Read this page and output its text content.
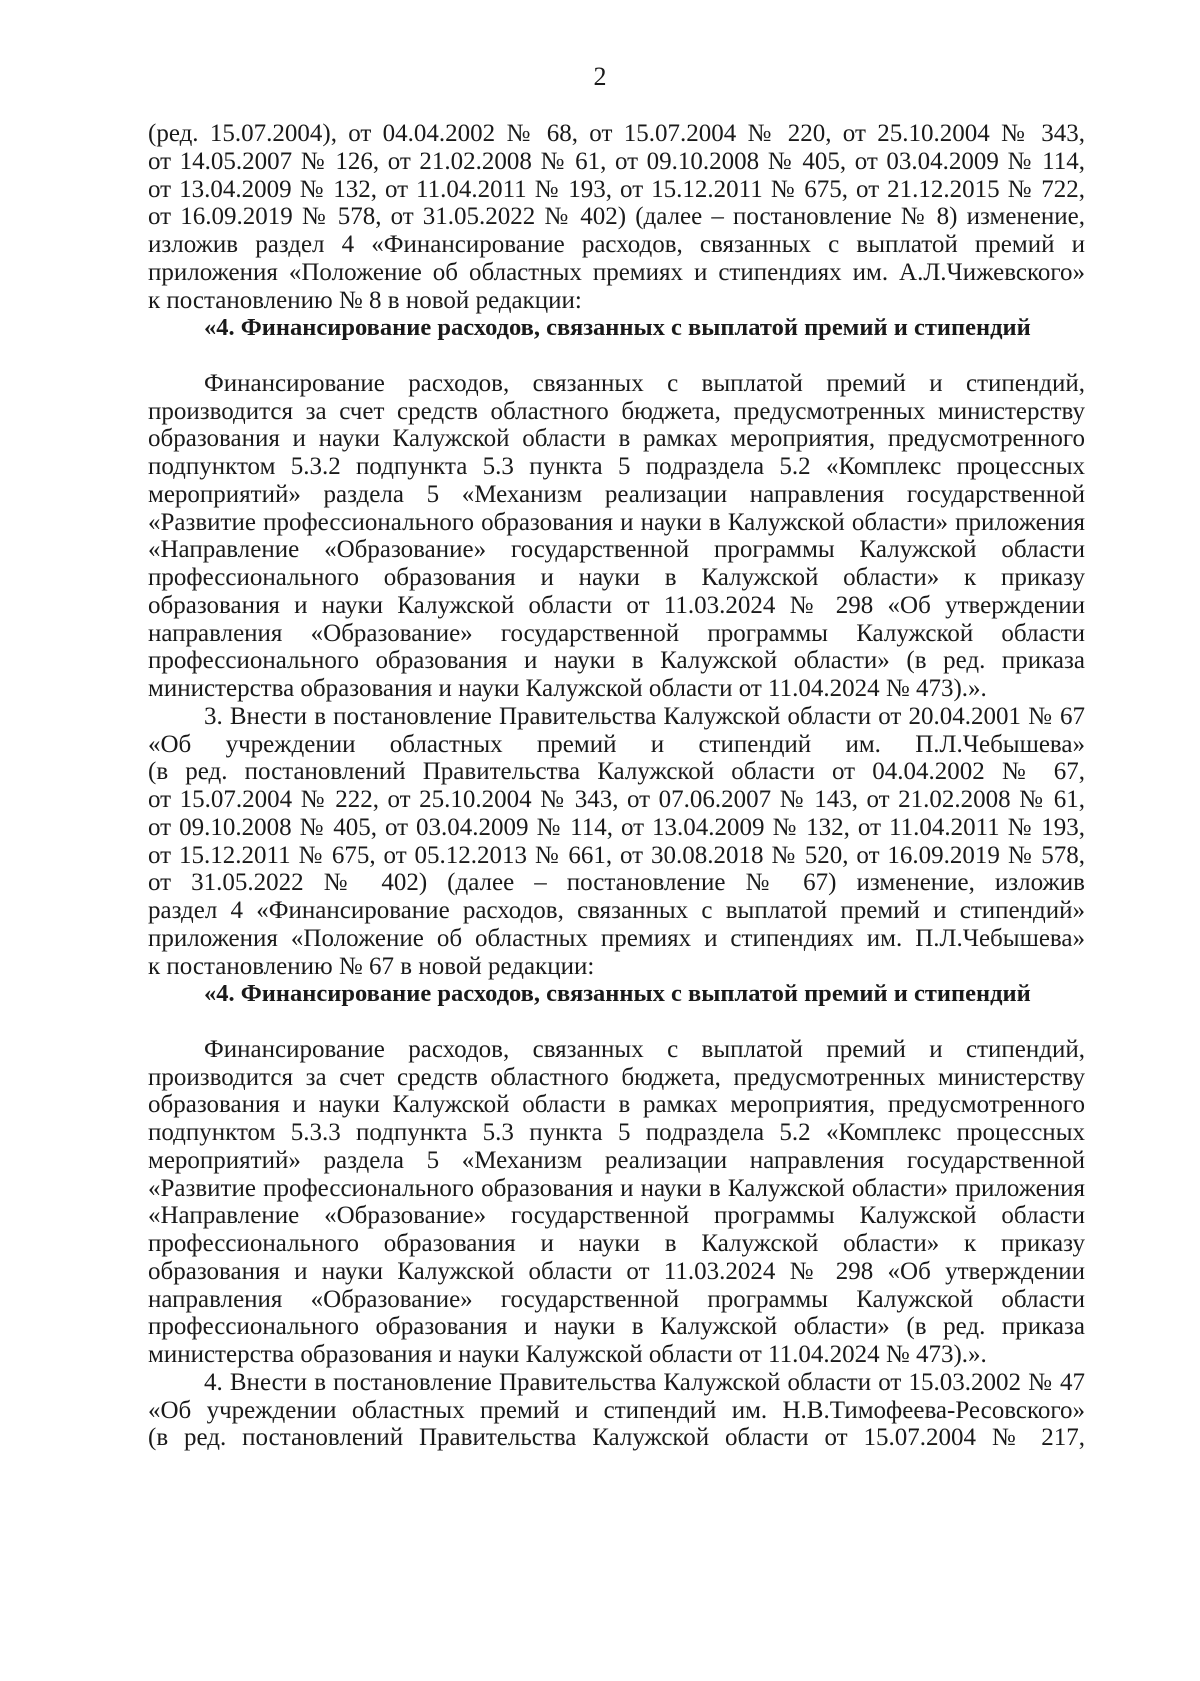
2
(ред. 15.07.2004), от 04.04.2002 № 68, от 15.07.2004 № 220, от 25.10.2004 № 343,
от 14.05.2007 № 126, от 21.02.2008 № 61, от 09.10.2008 № 405, от 03.04.2009 № 114,
от 13.04.2009 № 132, от 11.04.2011 № 193, от 15.12.2011 № 675, от 21.12.2015 № 722,
от 16.09.2019 № 578, от 31.05.2022 № 402) (далее – постановление № 8) изменение,
изложив раздел 4 «Финансирование расходов, связанных с выплатой премий и
приложения «Положение об областных премиях и стипендиях им. А.Л.Чижевского»
к постановлению № 8 в новой редакции:
«4. Финансирование расходов, связанных с выплатой премий и стипендий
Финансирование расходов, связанных с выплатой премий и стипендий,
производится за счет средств областного бюджета, предусмотренных министерству
образования и науки Калужской области в рамках мероприятия, предусмотренного
подпунктом 5.3.2 подпункта 5.3 пункта 5 подраздела 5.2 «Комплекс процессных
мероприятий» раздела 5 «Механизм реализации направления государственной
«Развитие профессионального образования и науки в Калужской области» приложения
«Направление «Образование» государственной программы Калужской области
профессионального образования и науки в Калужской области» к приказу
образования и науки Калужской области от 11.03.2024 № 298 «Об утверждении
направления «Образование» государственной программы Калужской области
профессионального образования и науки в Калужской области» (в ред. приказа
министерства образования и науки Калужской области от 11.04.2024 № 473).».
3. Внести в постановление Правительства Калужской области от 20.04.2001 № 67
«Об учреждении областных премий и стипендий им. П.Л.Чебышева»
(в ред. постановлений Правительства Калужской области от 04.04.2002 № 67,
от 15.07.2004 № 222, от 25.10.2004 № 343, от 07.06.2007 № 143, от 21.02.2008 № 61,
от 09.10.2008 № 405, от 03.04.2009 № 114, от 13.04.2009 № 132, от 11.04.2011 № 193,
от 15.12.2011 № 675, от 05.12.2013 № 661, от 30.08.2018 № 520, от 16.09.2019 № 578,
от 31.05.2022 № 402) (далее – постановление № 67) изменение, изложив
раздел 4 «Финансирование расходов, связанных с выплатой премий и стипендий»
приложения «Положение об областных премиях и стипендиях им. П.Л.Чебышева»
к постановлению № 67 в новой редакции:
«4. Финансирование расходов, связанных с выплатой премий и стипендий
Финансирование расходов, связанных с выплатой премий и стипендий,
производится за счет средств областного бюджета, предусмотренных министерству
образования и науки Калужской области в рамках мероприятия, предусмотренного
подпунктом 5.3.3 подпункта 5.3 пункта 5 подраздела 5.2 «Комплекс процессных
мероприятий» раздела 5 «Механизм реализации направления государственной
«Развитие профессионального образования и науки в Калужской области» приложения
«Направление «Образование» государственной программы Калужской области
профессионального образования и науки в Калужской области» к приказу
образования и науки Калужской области от 11.03.2024 № 298 «Об утверждении
направления «Образование» государственной программы Калужской области
профессионального образования и науки в Калужской области» (в ред. приказа
министерства образования и науки Калужской области от 11.04.2024 № 473).».
4. Внести в постановление Правительства Калужской области от 15.03.2002 № 47
«Об учреждении областных премий и стипендий им. Н.В.Тимофеева-Ресовского»
(в ред. постановлений Правительства Калужской области от 15.07.2004 № 217,
